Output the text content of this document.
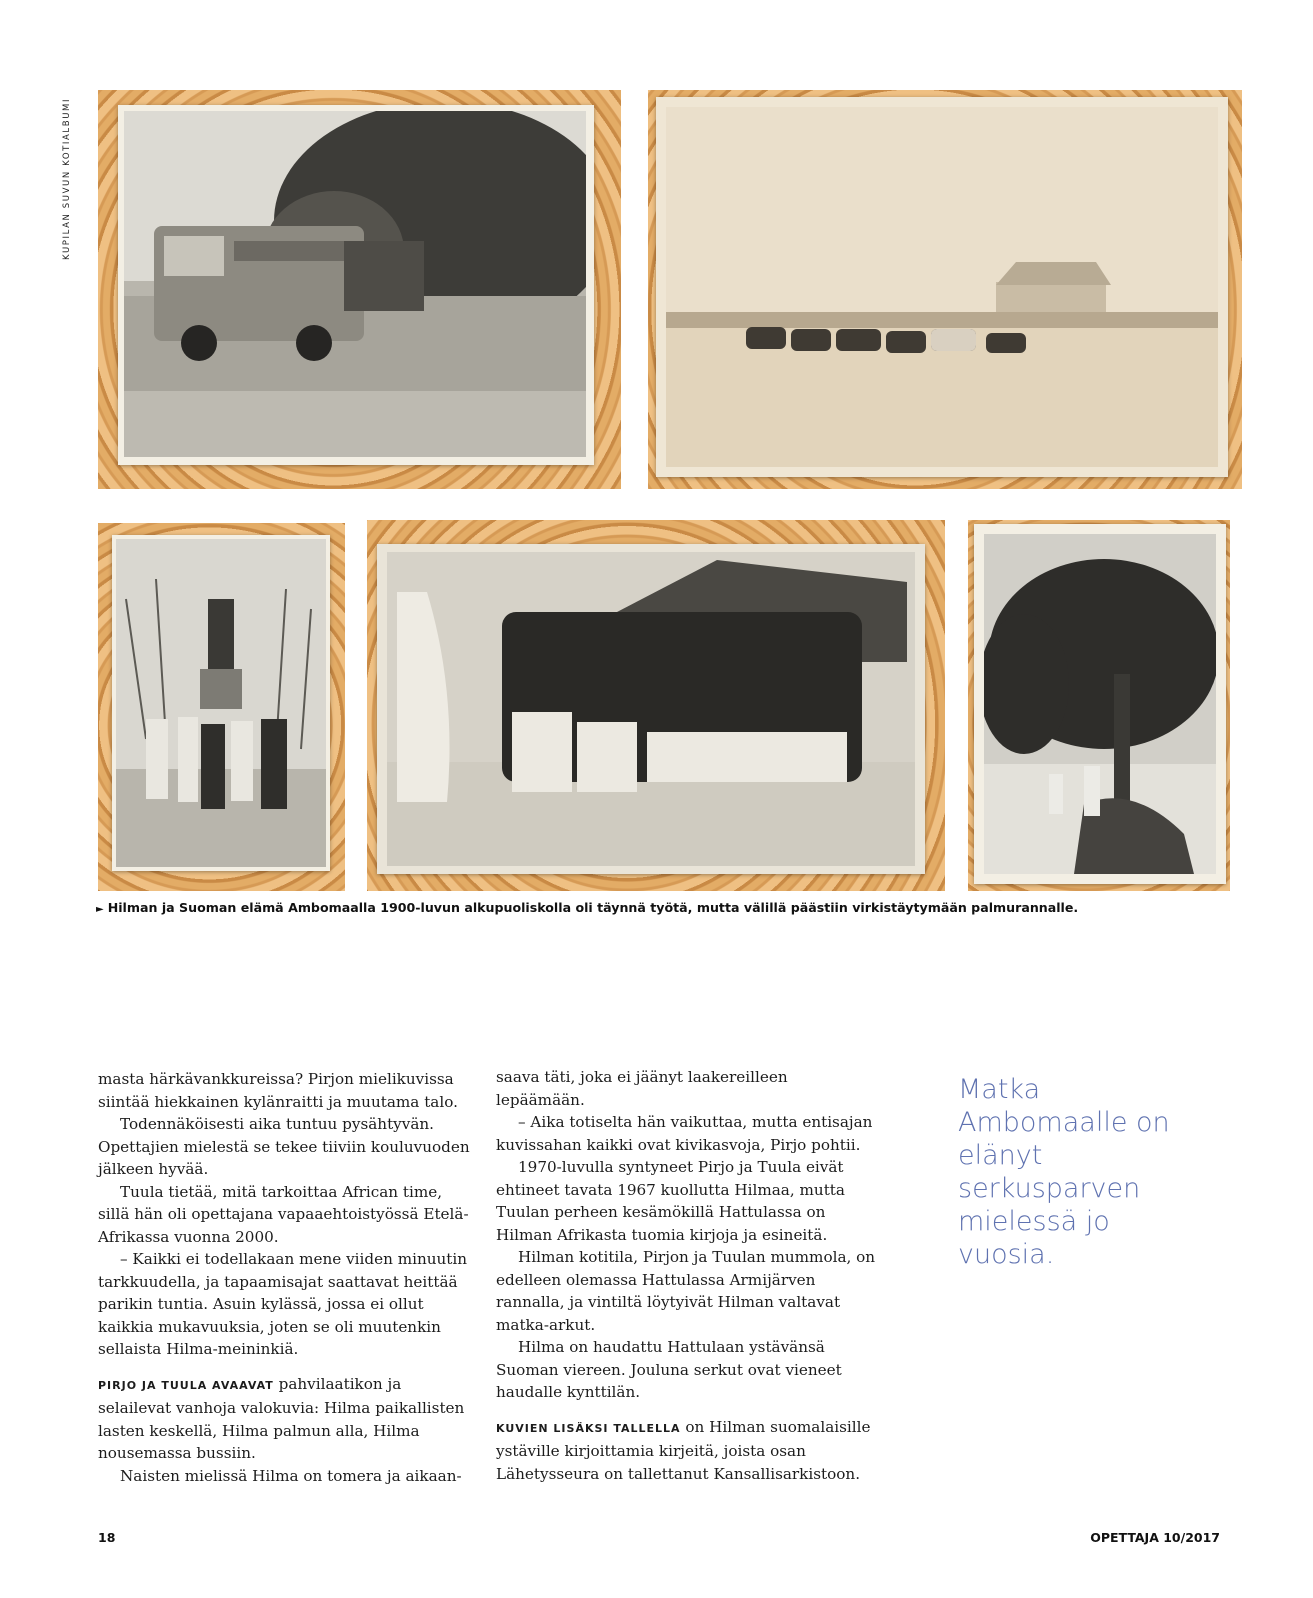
KUPILAN SUVUN KOTIALBUMI
► Hilman ja Suoman elämä Ambomaalla 1900-luvun alkupuoliskolla oli täynnä työtä, mutta välillä päästiin virkistäytymään palmurannalle.

masta härkävankkureissa? Pirjon mielikuvissa siintää hiekkainen kylänraitti ja muutama talo.

Todennäköisesti aika tuntuu pysähtyvän. Opettajien mielestä se tekee tiiviin kouluvuoden jälkeen hyvää.

Tuula tietää, mitä tarkoittaa African time, sillä hän oli opettajana vapaaehtoistyössä Etelä-Afrikassa vuonna 2000.

– Kaikki ei todellakaan mene viiden minuutin tarkkuudella, ja tapaamisajat saattavat heittää parikin tuntia. Asuin kylässä, jossa ei ollut kaikkia mukavuuksia, joten se oli muutenkin sellaista Hilma-meininkiä.

PIRJO JA TUULA AVAAVAT pahvilaatikon ja selailevat vanhoja valokuvia: Hilma paikallisten lasten keskellä, Hilma palmun alla, Hilma nousemassa bussiin.

Naisten mielissä Hilma on tomera ja aikaan-

saava täti, joka ei jäänyt laakereilleen lepäämään.

– Aika totiselta hän vaikuttaa, mutta entisajan kuvissahan kaikki ovat kivikasvoja, Pirjo pohtii.

1970-luvulla syntyneet Pirjo ja Tuula eivät ehtineet tavata 1967 kuollutta Hilmaa, mutta Tuulan perheen kesämökillä Hattulassa on Hilman Afrikasta tuomia kirjoja ja esineitä.

Hilman kotitila, Pirjon ja Tuulan mummola, on edelleen olemassa Hattulassa Armijärven rannalla, ja vintiltä löytyivät Hilman valtavat matka-arkut.

Hilma on haudattu Hattulaan ystävänsä Suoman viereen. Jouluna serkut ovat vieneet haudalle kynttilän.

KUVIEN LISÄKSI TALLELLA on Hilman suomalaisille ystäville kirjoittamia kirjeitä, joista osan Lähetysseura on tallettanut Kansallisarkistoon.

Matka Ambomaalle on elänyt serkusparven mielessä jo vuosia.
18	OPETTAJA 10/2017
